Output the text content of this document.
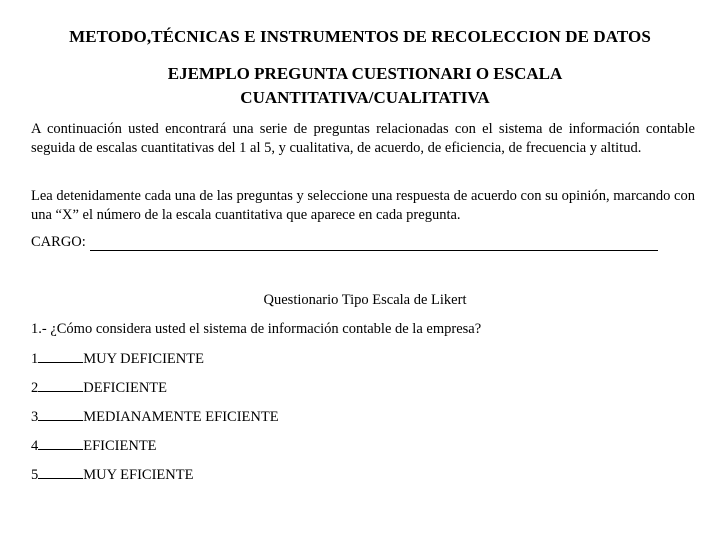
METODO,TÉCNICAS E INSTRUMENTOS DE RECOLECCION DE DATOS
EJEMPLO PREGUNTA CUESTIONARI O ESCALA
CUANTITATIVA/CUALITATIVA
A continuación usted encontrará una serie de preguntas relacionadas con el sistema de información contable seguida de escalas cuantitativas del 1 al 5, y cualitativa, de acuerdo, de eficiencia, de frecuencia y altitud.
Lea detenidamente cada una de las preguntas y seleccione una respuesta de acuerdo con su opinión, marcando con una “X” el número de la escala cuantitativa que aparece en cada pregunta.
CARGO:
Questionario Tipo Escala de Likert
1.- ¿Cómo considera usted el sistema de información contable de la empresa?
1	MUY DEFICIENTE
2	DEFICIENTE
3	MEDIANAMENTE EFICIENTE
4	EFICIENTE
5	MUY EFICIENTE
